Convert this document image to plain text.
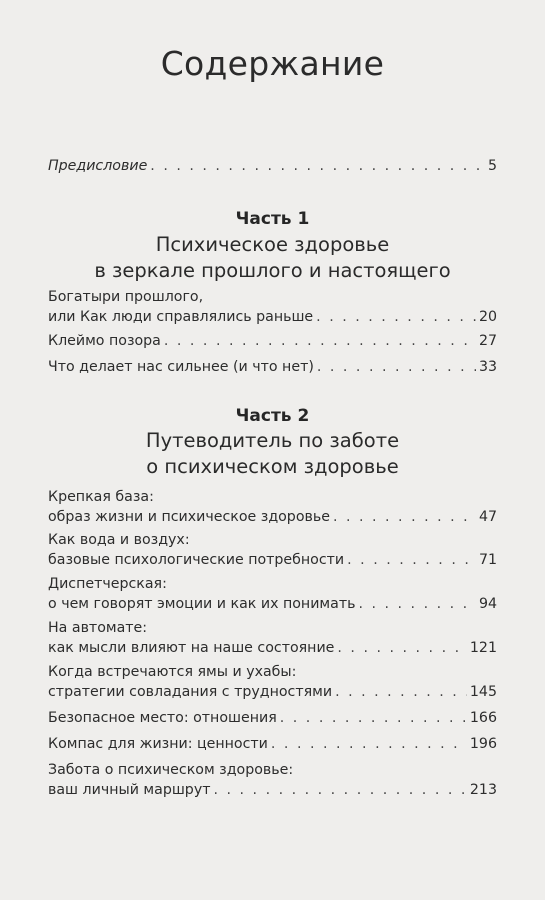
Содержание
Предисловие . . .	5
Часть 1
Психическое здоровье
в зеркале прошлого и настоящего
Богатыри прошлого,
или Как люди справлялись раньше . . .	20
Клеймо позора . . .	27
Что делает нас сильнее (и что нет) . . .	33
Часть 2
Путеводитель по заботе
о психическом здоровье
Крепкая база:
образ жизни и психическое здоровье . . .	47
Как вода и воздух:
базовые психологические потребности . . .	71
Диспетчерская:
о чем говорят эмоции и как их понимать . . .	94
На автомате:
как мысли влияют на наше состояние . . .	121
Когда встречаются ямы и ухабы:
стратегии совладания с трудностями . . .	145
Безопасное место: отношения . . .	166
Компас для жизни: ценности . . .	196
Забота о психическом здоровье:
ваш личный маршрут . . .	213
